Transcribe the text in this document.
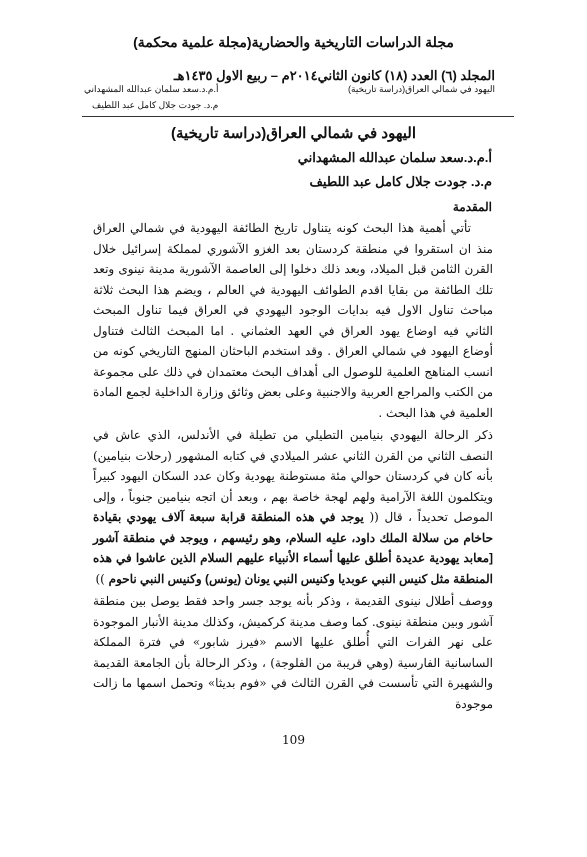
مجلة الدراسات التاريخية والحضارية(مجلة علمية محكمة)
المجلد (٦) العدد (١٨) كانون الثاني٢٠١٤م – ربيع الاول ١٤٣٥هـ
اليهود في شمالي العراق(دراسة تاريخية)
أ.م.د.سعد سلمان عبدالله المشهداني
م.د. جودت جلال كامل عبد اللطيف
اليهود في شمالي العراق(دراسة تاريخية)
أ.م.د.سعد سلمان عبدالله المشهداني
م.د. جودت جلال كامل عبد اللطيف
المقدمة

تأتي أهمية هذا البحث كونه يتناول تاريخ الطائفة اليهودية في شمالي العراق منذ ان استقروا في منطقة كردستان بعد الغزو الآشوري لمملكة إسرائيل خلال القرن الثامن قبل الميلاد، وبعد ذلك دخلوا إلى العاصمة الآشورية مدينة نينوى وتعد تلك الطائفة من بقايا اقدم الطوائف اليهودية في العالم ، ويضم هذا البحث ثلاثة مباحث تناول الاول فيه بدايات الوجود اليهودي في العراق فيما تناول المبحث الثاني فيه اوضاع يهود العراق في العهد العثماني . اما المبحث الثالث فتناول أوضاع اليهود في شمالي العراق . وقد استخدم الباحثان المنهج التاريخي كونه من انسب المناهج العلمية للوصول الى أهداف البحث معتمدان في ذلك على مجموعة من الكتب والمراجع العربية والاجنبية وعلى بعض وثائق وزارة الداخلية لجمع المادة العلمية في هذا البحث .

ذكر الرحالة اليهودي بنيامين التطيلي من تطيلة في الأندلس، الذي عاش في النصف الثاني من القرن الثاني عشر الميلادي في كتابه المشهور (رحلات بنيامين) بأنه كان في كردستان حوالي مئة مستوطنة يهودية وكان عدد السكان اليهود كبيراً ويتكلمون اللغة الآرامية ولهم لهجة خاصة بهم ، وبعد أن اتجه بنيامين جنوباً ، وإلى الموصل تحديداً ، قال (( يوجد في هذه المنطقة قرابة سبعة آلاف يهودي بقيادة حاخام من سلالة الملك داود، عليه السلام، وهو رئيسهم ، ويوجد في منطقة آشور [معابد يهودية عديدة أطلق عليها أسماء الأنبياء عليهم السلام الذين عاشوا في هذه المنطقة مثل كنيس النبي عوبديا وكنيس النبي يونان (يونس) وكنيس النبي ناحوم ))

ووصف أطلال نينوى القديمة ، وذكر بأنه يوجد جسر واحد فقط يوصل بين منطقة آشور وبين منطقة نينوى. كما وصف مدينة كركميش، وكذلك مدينة الأنبار الموجودة على نهر الفرات التي أُطلق عليها الاسم «فيرز شابور» في فترة المملكة الساسانية الفارسية (وهي قريبة من الفلوجة) ، وذكر الرحالة بأن الجامعة القديمة والشهيرة التي تأسست في القرن الثالث في «فوم بديثا» وتحمل اسمها ما زالت موجودة

109
